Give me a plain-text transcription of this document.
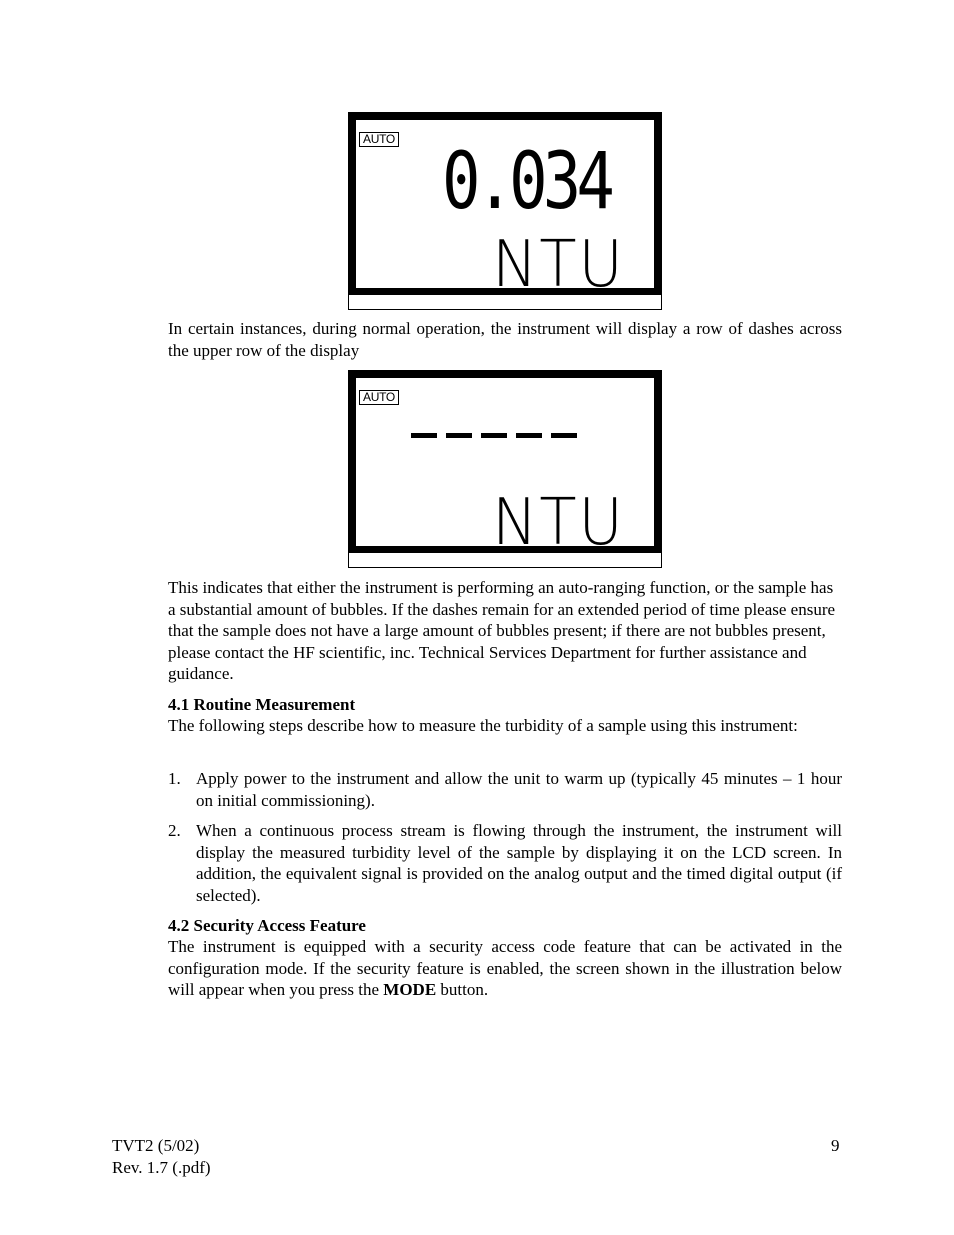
AUTO 0.034
NTU

In certain instances, during normal operation, the instrument will display a row of dashes across the upper row of the display

AUTO
NTU

This indicates that either the instrument is performing an auto-ranging function, or the sample has a substantial amount of bubbles. If the dashes remain for an extended period of time please ensure that the sample does not have a large amount of bubbles present; if there are not bubbles present, please contact the HF scientific, inc. Technical Services Department for further assistance and guidance.

4.1 Routine Measurement

The following steps describe how to measure the turbidity of a sample using this instrument:

1. Apply power to the instrument and allow the unit to warm up (typically 45 minutes – 1 hour on initial commissioning).
2. When a continuous process stream is flowing through the instrument, the instrument will display the measured turbidity level of the sample by displaying it on the LCD screen. In addition, the equivalent signal is provided on the analog output and the timed digital output (if selected).
4.2 Security Access Feature

The instrument is equipped with a security access code feature that can be activated in the configuration mode. If the security feature is enabled, the screen shown in the illustration below will appear when you press the MODE button.

TVT2 (5/02)
Rev. 1.7 (.pdf)
9
